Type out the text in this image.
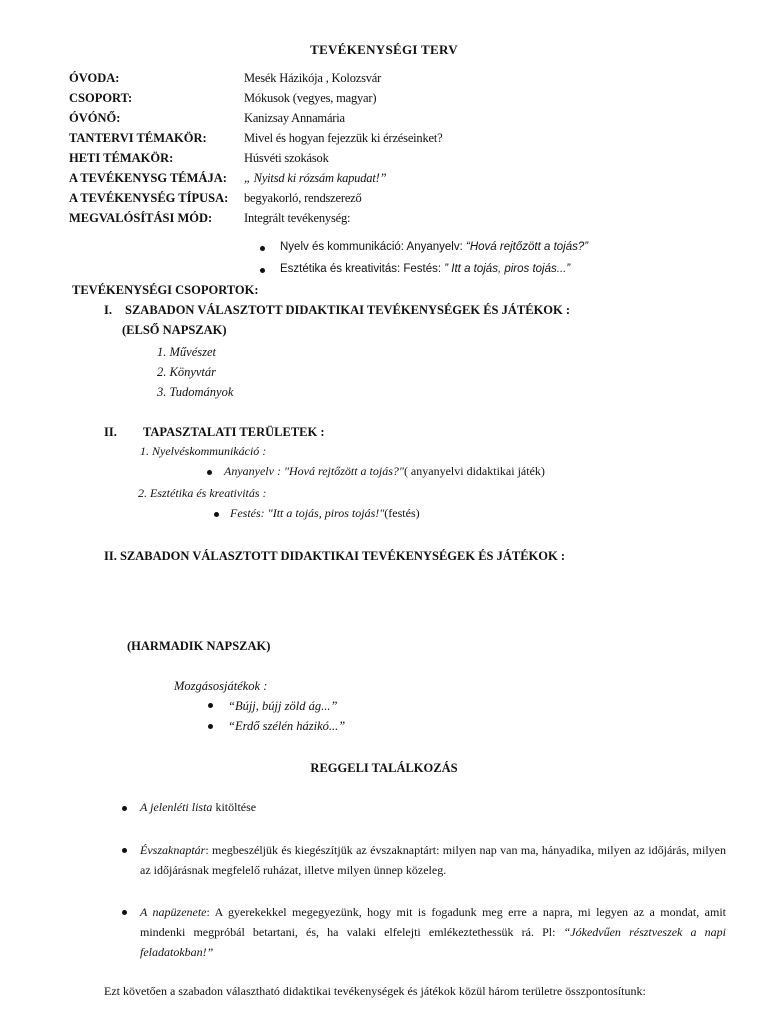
TEVÉKENYSÉGI TERV
ÓVODA:	Mesék Házikója , Kolozsvár
CSOPORT:	Mókusok (vegyes, magyar)
ÓVÓNŐ:	Kanizsay Annamária
TANTERVI TÉMAKÖR:	Mivel és hogyan fejezzük ki érzéseinket?
HETI TÉMAKÖR:	Húsvéti szokások
A TEVÉKENYSG TÉMÁJA: „ Nyitsd ki rózsám kapudat!”
A TEVÉKENYSÉG TÍPUSA: begyakorló, rendszerező
MEGVALÓSÍTÁSI MÓD:	Integrált tevékenység:
Nyelv és kommunikáció: Anyanyelv: “Hová rejtőzött a tojás?”
Esztétika és kreativitás: Festés: ” Itt a tojás, piros tojás...”
TEVÉKENYSÉGI CSOPORTOK:
I. SZABADON VÁLASZTOTT DIDAKTIKAI TEVÉKENYSÉGEK ÉS JÁTÉKOK :
(ELSŐ NAPSZAK)
1. Művészet
2. Könyvtár
3. Tudományok
II. TAPASZTALATI TERÜLETEK :
1. Nyelvéskommunikáció :
Anyanyelv : "Hová rejtőzött a tojás?"( anyanyelvi didaktikai játék)
2. Esztétika és kreativitás :
Festés: "Itt a tojás, piros tojás!"(festés)
II. SZABADON VÁLASZTOTT DIDAKTIKAI TEVÉKENYSÉGEK ÉS JÁTÉKOK :
(HARMADIK NAPSZAK)
Mozgásosjátékok :
“Bújj, bújj zöld ág...”
“Erdő szélén házikó...”
REGGELI TALÁLKOZÁS
A jelenléti lista kitöltése
Évszaknaptár: megbeszéljük és kiegészítjük az évszaknaptárt: milyen nap van ma, hányadika, milyen az időjárás, milyen az időjárásnak megfelelő ruházat, illetve milyen ünnep közeleg.
A napüzenete: A gyerekekkel megegyezünk, hogy mit is fogadunk meg erre a napra, mi legyen az a mondat, amit mindenki megpróbál betartani, és, ha valaki elfelejti emlékeztethessük rá. Pl: “Jókedvűen résztveszek a napi feladatokban!”
Ezt követően a szabadon választható didaktikai tevékenységek és játékok közül három területre összpontosítunk:
